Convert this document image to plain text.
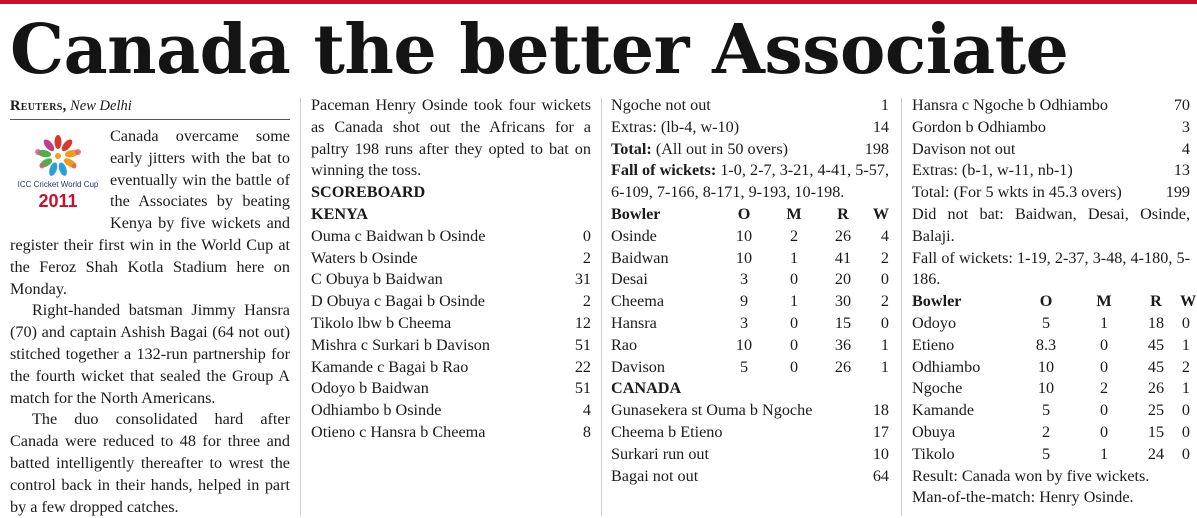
Canada the better Associate
Reuters, New Delhi
ICC Cricket World Cup
2011

Canada overcame some early jitters with the bat to eventually win the battle of the Associates by beating Kenya by five wickets and register their first win in the World Cup at the Feroz Shah Kotla Stadium here on Monday.

Right-handed batsman Jimmy Hansra (70) and captain Ashish Bagai (64 not out) stitched together a 132-run partnership for the fourth wicket that sealed the Group A match for the North Americans.

The duo consolidated hard after Canada were reduced to 48 for three and batted intelligently thereafter to wrest the control back in their hands, helped in part by a few dropped catches.

Paceman Henry Osinde took four wickets as Canada shot out the Africans for a paltry 198 runs after they opted to bat on winning the toss.

SCOREBOARD
KENYA
Ouma c Baidwan b Osinde	0
Waters b Osinde	2
C Obuya b Baidwan	31
D Obuya c Bagai b Osinde	2
Tikolo lbw b Cheema	12
Mishra c Surkari b Davison	51
Kamande c Bagai b Rao	22
Odoyo b Baidwan	51
Odhiambo b Osinde	4
Otieno c Hansra b Cheema	8
Ngoche not out	1
Extras: (lb-4, w-10)	14
Total: (All out in 50 overs)	198

Fall of wickets: 1-0, 2-7, 3-21, 4-41, 5-57, 6-109, 7-166, 8-171, 9-193, 10-198.

Bowler	O	M	R	W
Osinde	10	2	26	4
Baidwan	10	1	41	2
Desai	3	0	20	0
Cheema	9	1	30	2
Hansra	3	0	15	0
Rao	10	0	36	1
Davison	5	0	26	1
CANADA
Gunasekera st Ouma b Ngoche	18
Cheema b Etieno	17
Surkari run out	10
Bagai not out	64
Hansra c Ngoche b Odhiambo	70
Gordon b Odhiambo	3
Davison not out	4
Extras: (b-1, w-11, nb-1)	13
Total: (For 5 wkts in 45.3 overs)	199

Did not bat: Baidwan, Desai, Osinde, Balaji.

Fall of wickets: 1-19, 2-37, 3-48, 4-180, 5-186.

Bowler	O	M	R	W
Odoyo	5	1	18	0
Etieno	8.3	0	45	1
Odhiambo	10	0	45	2
Ngoche	10	2	26	1
Kamande	5	0	25	0
Obuya	2	0	15	0
Tikolo	5	1	24	0
Result: Canada won by five wickets.
Man-of-the-match: Henry Osinde.
